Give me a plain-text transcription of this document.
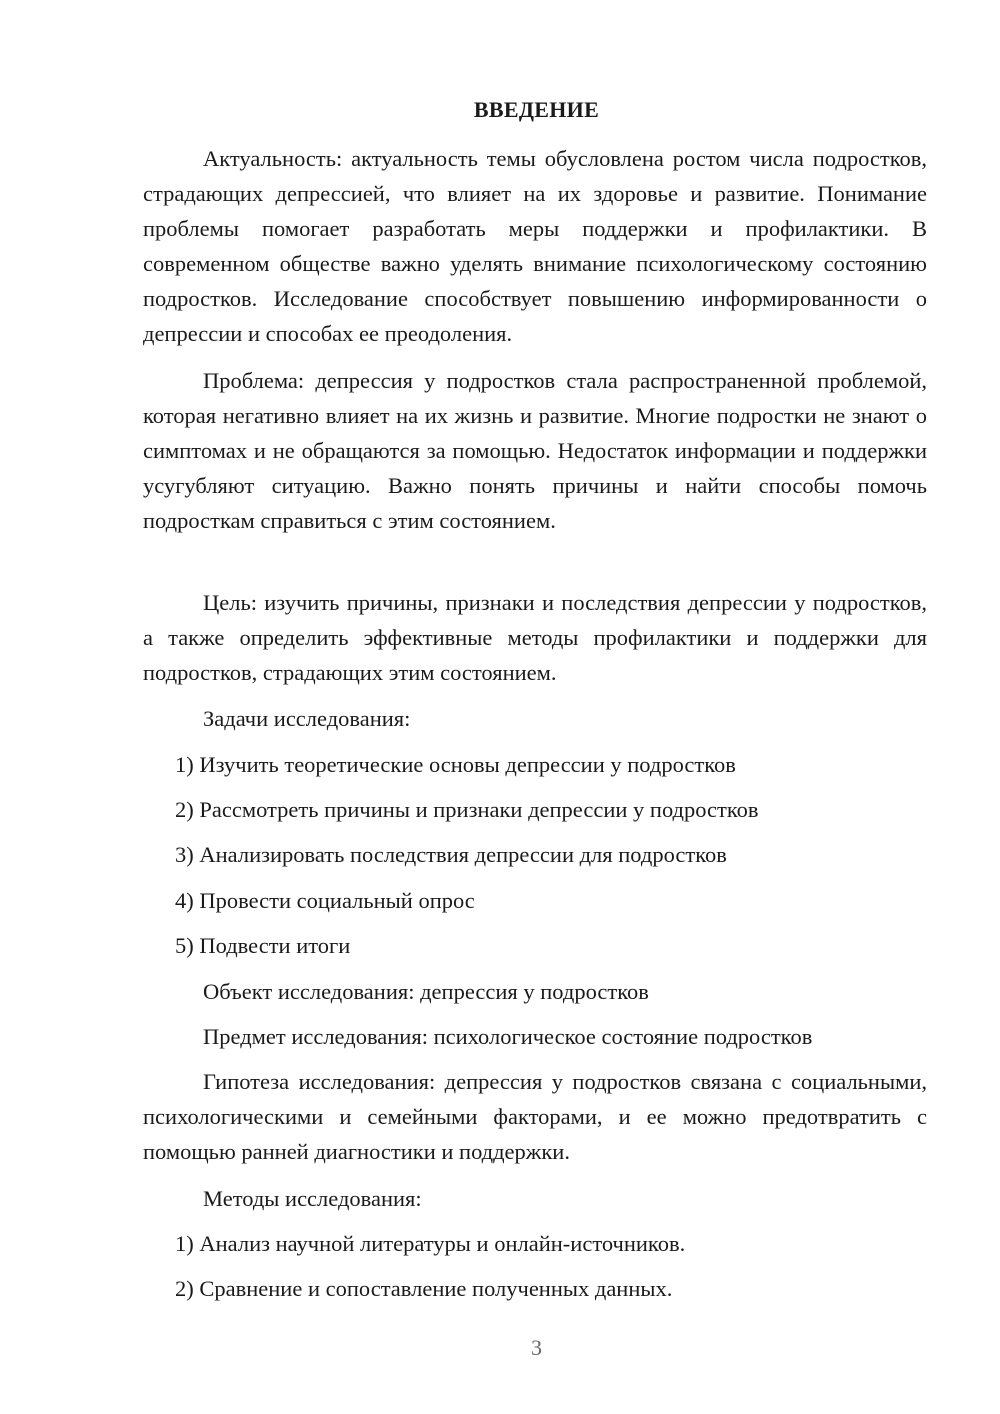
ВВЕДЕНИЕ

Актуальность: актуальность темы обусловлена ростом числа подростков, страдающих депрессией, что влияет на их здоровье и развитие. Понимание проблемы помогает разработать меры поддержки и профилактики. В современном обществе важно уделять внимание психологическому состоянию подростков. Исследование способствует повышению информированности о депрессии и способах ее преодоления.

Проблема: депрессия у подростков стала распространенной проблемой, которая негативно влияет на их жизнь и развитие. Многие подростки не знают о симптомах и не обращаются за помощью. Недостаток информации и поддержки усугубляют ситуацию. Важно понять причины и найти способы помочь подросткам справиться с этим состоянием.

Цель: изучить причины, признаки и последствия депрессии у подростков, а также определить эффективные методы профилактики и поддержки для подростков, страдающих этим состоянием.

Задачи исследования:
1) Изучить теоретические основы депрессии у подростков
2) Рассмотреть причины и признаки депрессии у подростков
3) Анализировать последствия депрессии для подростков
4) Провести социальный опрос
5) Подвести итоги
Объект исследования: депрессия у подростков
Предмет исследования: психологическое состояние подростков

Гипотеза исследования: депрессия у подростков связана с социальными, психологическими и семейными факторами, и ее можно предотвратить с помощью ранней диагностики и поддержки.

Методы исследования:
1) Анализ научной литературы и онлайн-источников.
2) Сравнение и сопоставление полученных данных.
3
